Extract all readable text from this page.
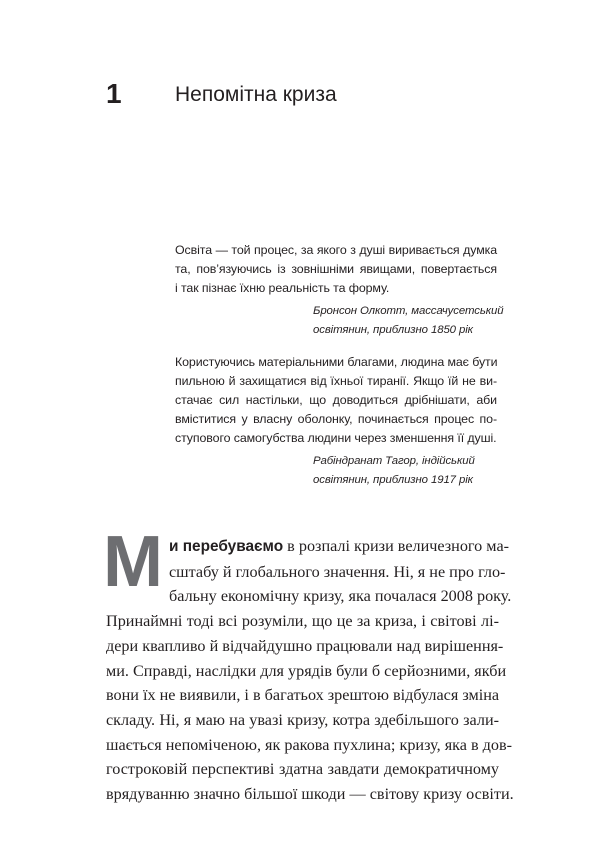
1	Непомітна криза
Освіта — той процес, за якого з душі виривається думка
та, пов’язуючись із зовнішніми явищами, повертається
і так пізнає їхню реальність та форму.
Бронсон Олкотт, массачусетський
освітянин, приблизно 1850 рік
Користуючись матеріальними благами, людина має бути
пильною й захищатися від їхньої тиранії. Якщо їй не ви-
стачає сил настільки, що доводиться дрібнішати, аби
вміститися у власну оболонку, починається процес по-
ступового самогубства людини через зменшення її душі.
Рабіндранат Тагор, індійський
освітянин, приблизно 1917 рік
М и перебуваємо в розпалі кризи величезного ма-
сштабу й глобального значення. Ні, я не про гло-
бальну економічну кризу, яка почалася 2008 року.
Принаймні тоді всі розуміли, що це за криза, і світові лі-
дери квапливо й відчайдушно працювали над вирішення-
ми. Справді, наслідки для урядів були б серйозними, якби
вони їх не виявили, і в багатьох зрештою відбулася зміна
складу. Ні, я маю на увазі кризу, котра здебільшого зали-
шається непоміченою, як ракова пухлина; кризу, яка в дов-
гостроковій перспективі здатна завдати демократичному
врядуванню значно більшої шкоди — світову кризу освіти.
